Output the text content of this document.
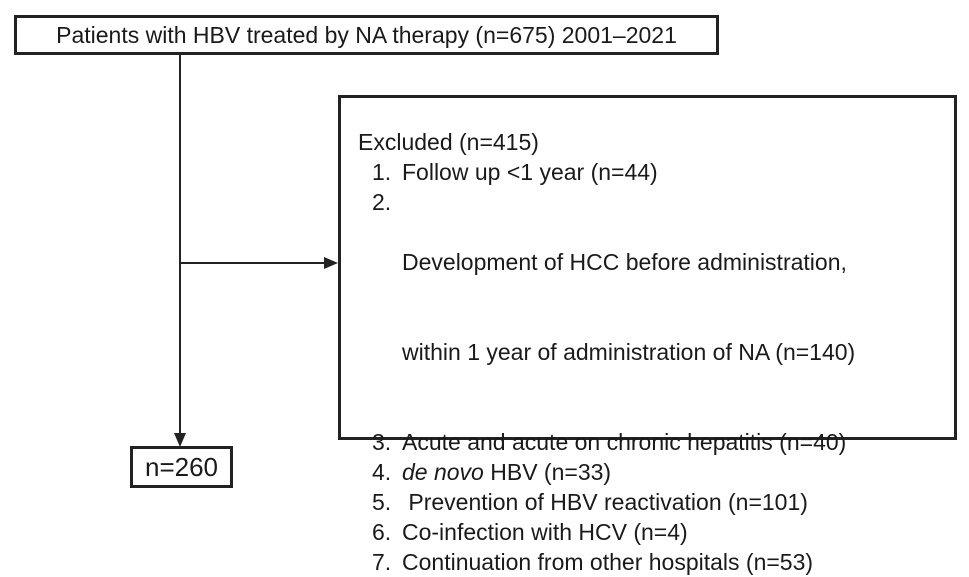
Patients with HBV treated by NA therapy (n=675) 2001–2021
Excluded (n=415)
1. Follow up <1 year (n=44)
2.

Development of HCC before administration,

within 1 year of administration of NA (n=140)

3. Acute and acute on chronic hepatitis (n=40)
4. de novo HBV (n=33)
5. Prevention of HBV reactivation (n=101)
6. Co-infection with HCV (n=4)
7. Continuation from other hospitals (n=53)
n=260
